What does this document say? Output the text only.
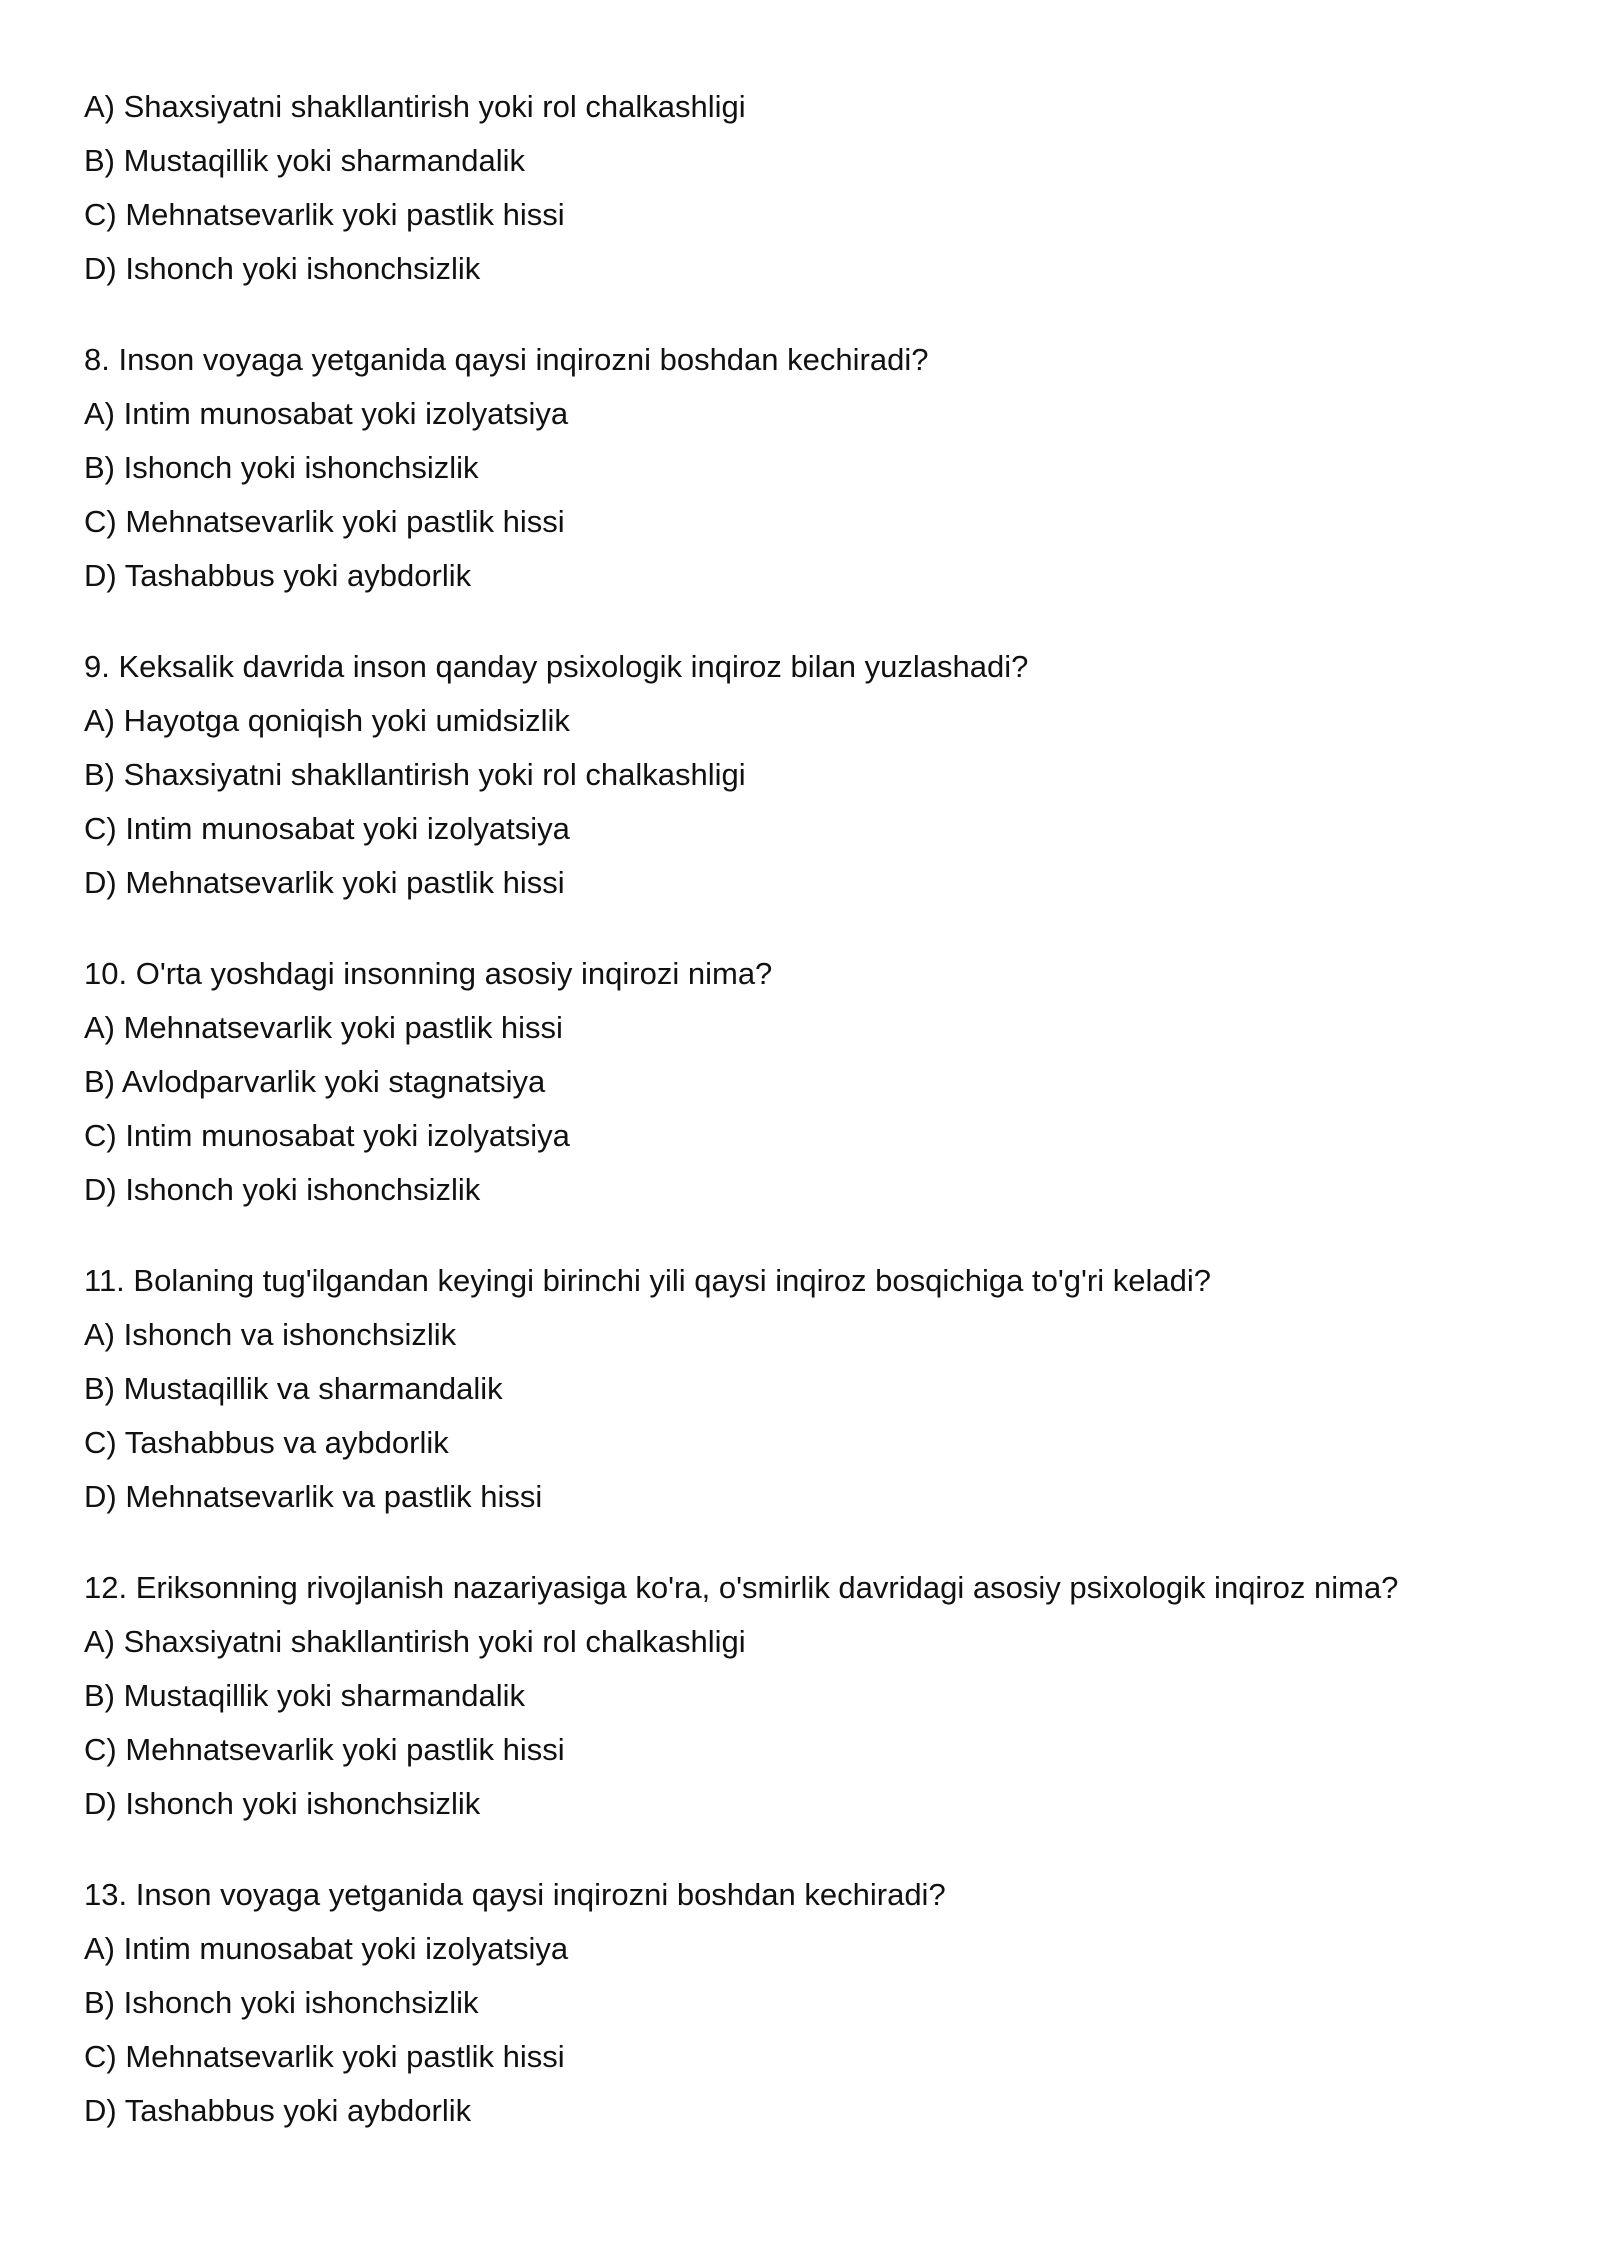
A) Shaxsiyatni shakllantirish yoki rol chalkashligi
B) Mustaqillik yoki sharmandalik
C) Mehnatsevarlik yoki pastlik hissi
D) Ishonch yoki ishonchsizlik
8. Inson voyaga yetganida qaysi inqirozni boshdan kechiradi?
A) Intim munosabat yoki izolyatsiya
B) Ishonch yoki ishonchsizlik
C) Mehnatsevarlik yoki pastlik hissi
D) Tashabbus yoki aybdorlik
9. Keksalik davrida inson qanday psixologik inqiroz bilan yuzlashadi?
A) Hayotga qoniqish yoki umidsizlik
B) Shaxsiyatni shakllantirish yoki rol chalkashligi
C) Intim munosabat yoki izolyatsiya
D) Mehnatsevarlik yoki pastlik hissi
10. O'rta yoshdagi insonning asosiy inqirozi nima?
A) Mehnatsevarlik yoki pastlik hissi
B) Avlodparvarlik yoki stagnatsiya
C) Intim munosabat yoki izolyatsiya
D) Ishonch yoki ishonchsizlik
11. Bolaning tug'ilgandan keyingi birinchi yili qaysi inqiroz bosqichiga to'g'ri keladi?
A) Ishonch va ishonchsizlik
B) Mustaqillik va sharmandalik
C) Tashabbus va aybdorlik
D) Mehnatsevarlik va pastlik hissi
12. Eriksonning rivojlanish nazariyasiga ko'ra, o'smirlik davridagi asosiy psixologik inqiroz nima?
A) Shaxsiyatni shakllantirish yoki rol chalkashligi
B) Mustaqillik yoki sharmandalik
C) Mehnatsevarlik yoki pastlik hissi
D) Ishonch yoki ishonchsizlik
13. Inson voyaga yetganida qaysi inqirozni boshdan kechiradi?
A) Intim munosabat yoki izolyatsiya
B) Ishonch yoki ishonchsizlik
C) Mehnatsevarlik yoki pastlik hissi
D) Tashabbus yoki aybdorlik
